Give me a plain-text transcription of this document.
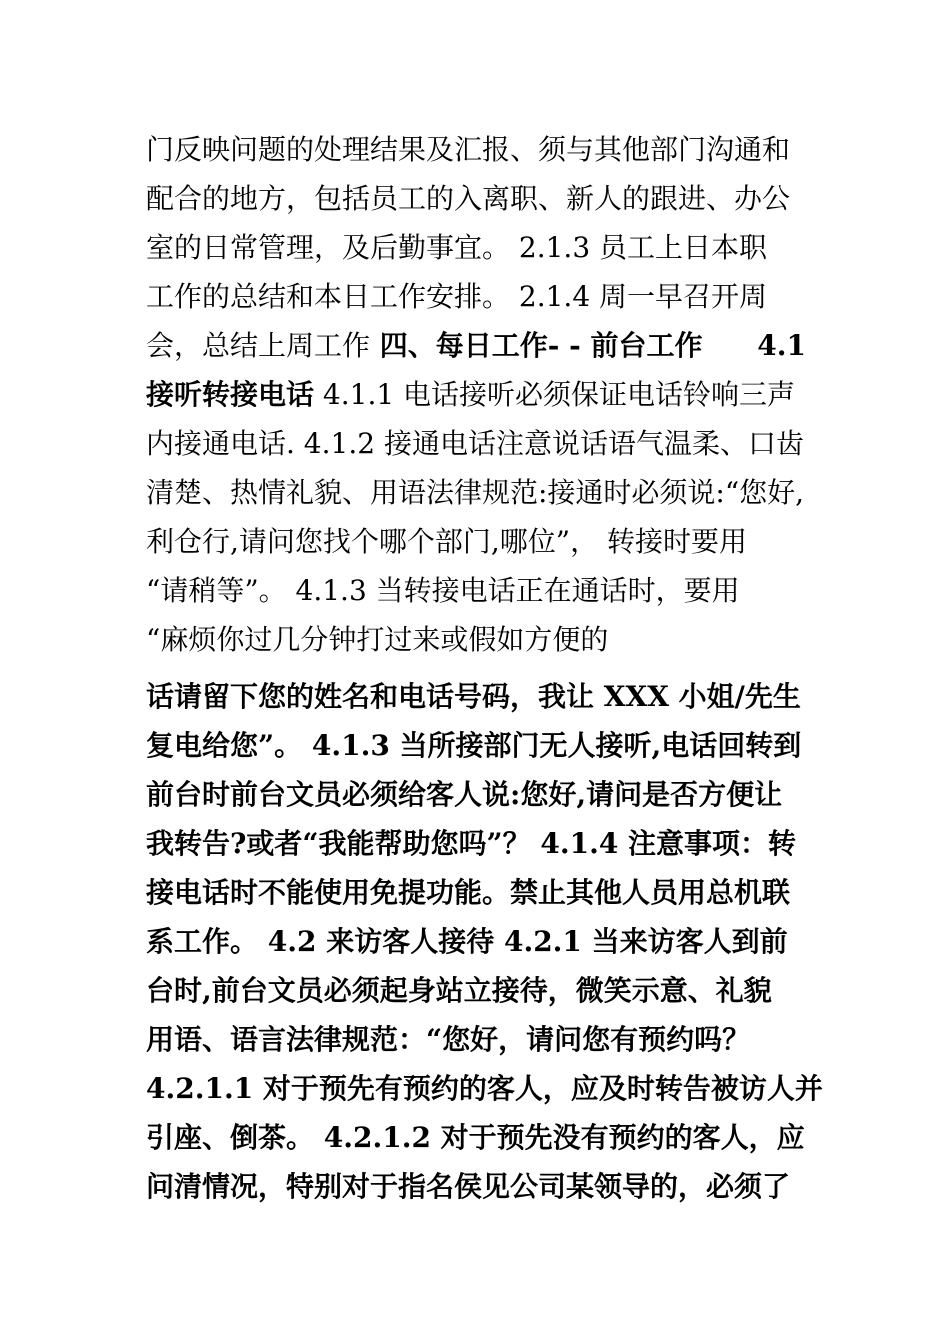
门反映问题的处理结果及汇报、须与其他部门沟通和
配合的地方，包括员工的入离职、新人的跟进、办公
室的日常管理，及后勤事宜。 2.1.3 员工上日本职
工作的总结和本日工作安排。 2.1.4 周一早召开周
会，总结上周工作 四、每日工作- - 前台工作 4.1
接听转接电话 4.1.1 电话接听必须保证电话铃响三声
内接通电话. 4.1.2 接通电话注意说话语气温柔、口齿
清楚、热情礼貌、用语法律规范:接通时必须说:“您好,
利仓行,请问您找个哪个部门,哪位”， 转接时要用
“请稍等”。 4.1.3 当转接电话正在通话时，要用
“麻烦你过几分钟打过来或假如方便的
话请留下您的姓名和电话号码，我让 XXX 小姐/先生
复电给您”。 4.1.3 当所接部门无人接听,电话回转到
前台时前台文员必须给客人说:您好,请问是否方便让
我转告?或者“我能帮助您吗”？ 4.1.4 注意事项：转
接电话时不能使用免提功能。禁止其他人员用总机联
系工作。 4.2 来访客人接待 4.2.1 当来访客人到前
台时,前台文员必须起身站立接待，微笑示意、礼貌
用语、语言法律规范：“您好，请问您有预约吗？
4.2.1.1 对于预先有预约的客人，应及时转告被访人并
引座、倒茶。 4.2.1.2 对于预先没有预约的客人，应
问清情况，特别对于指名侯见公司某领导的，必须了
